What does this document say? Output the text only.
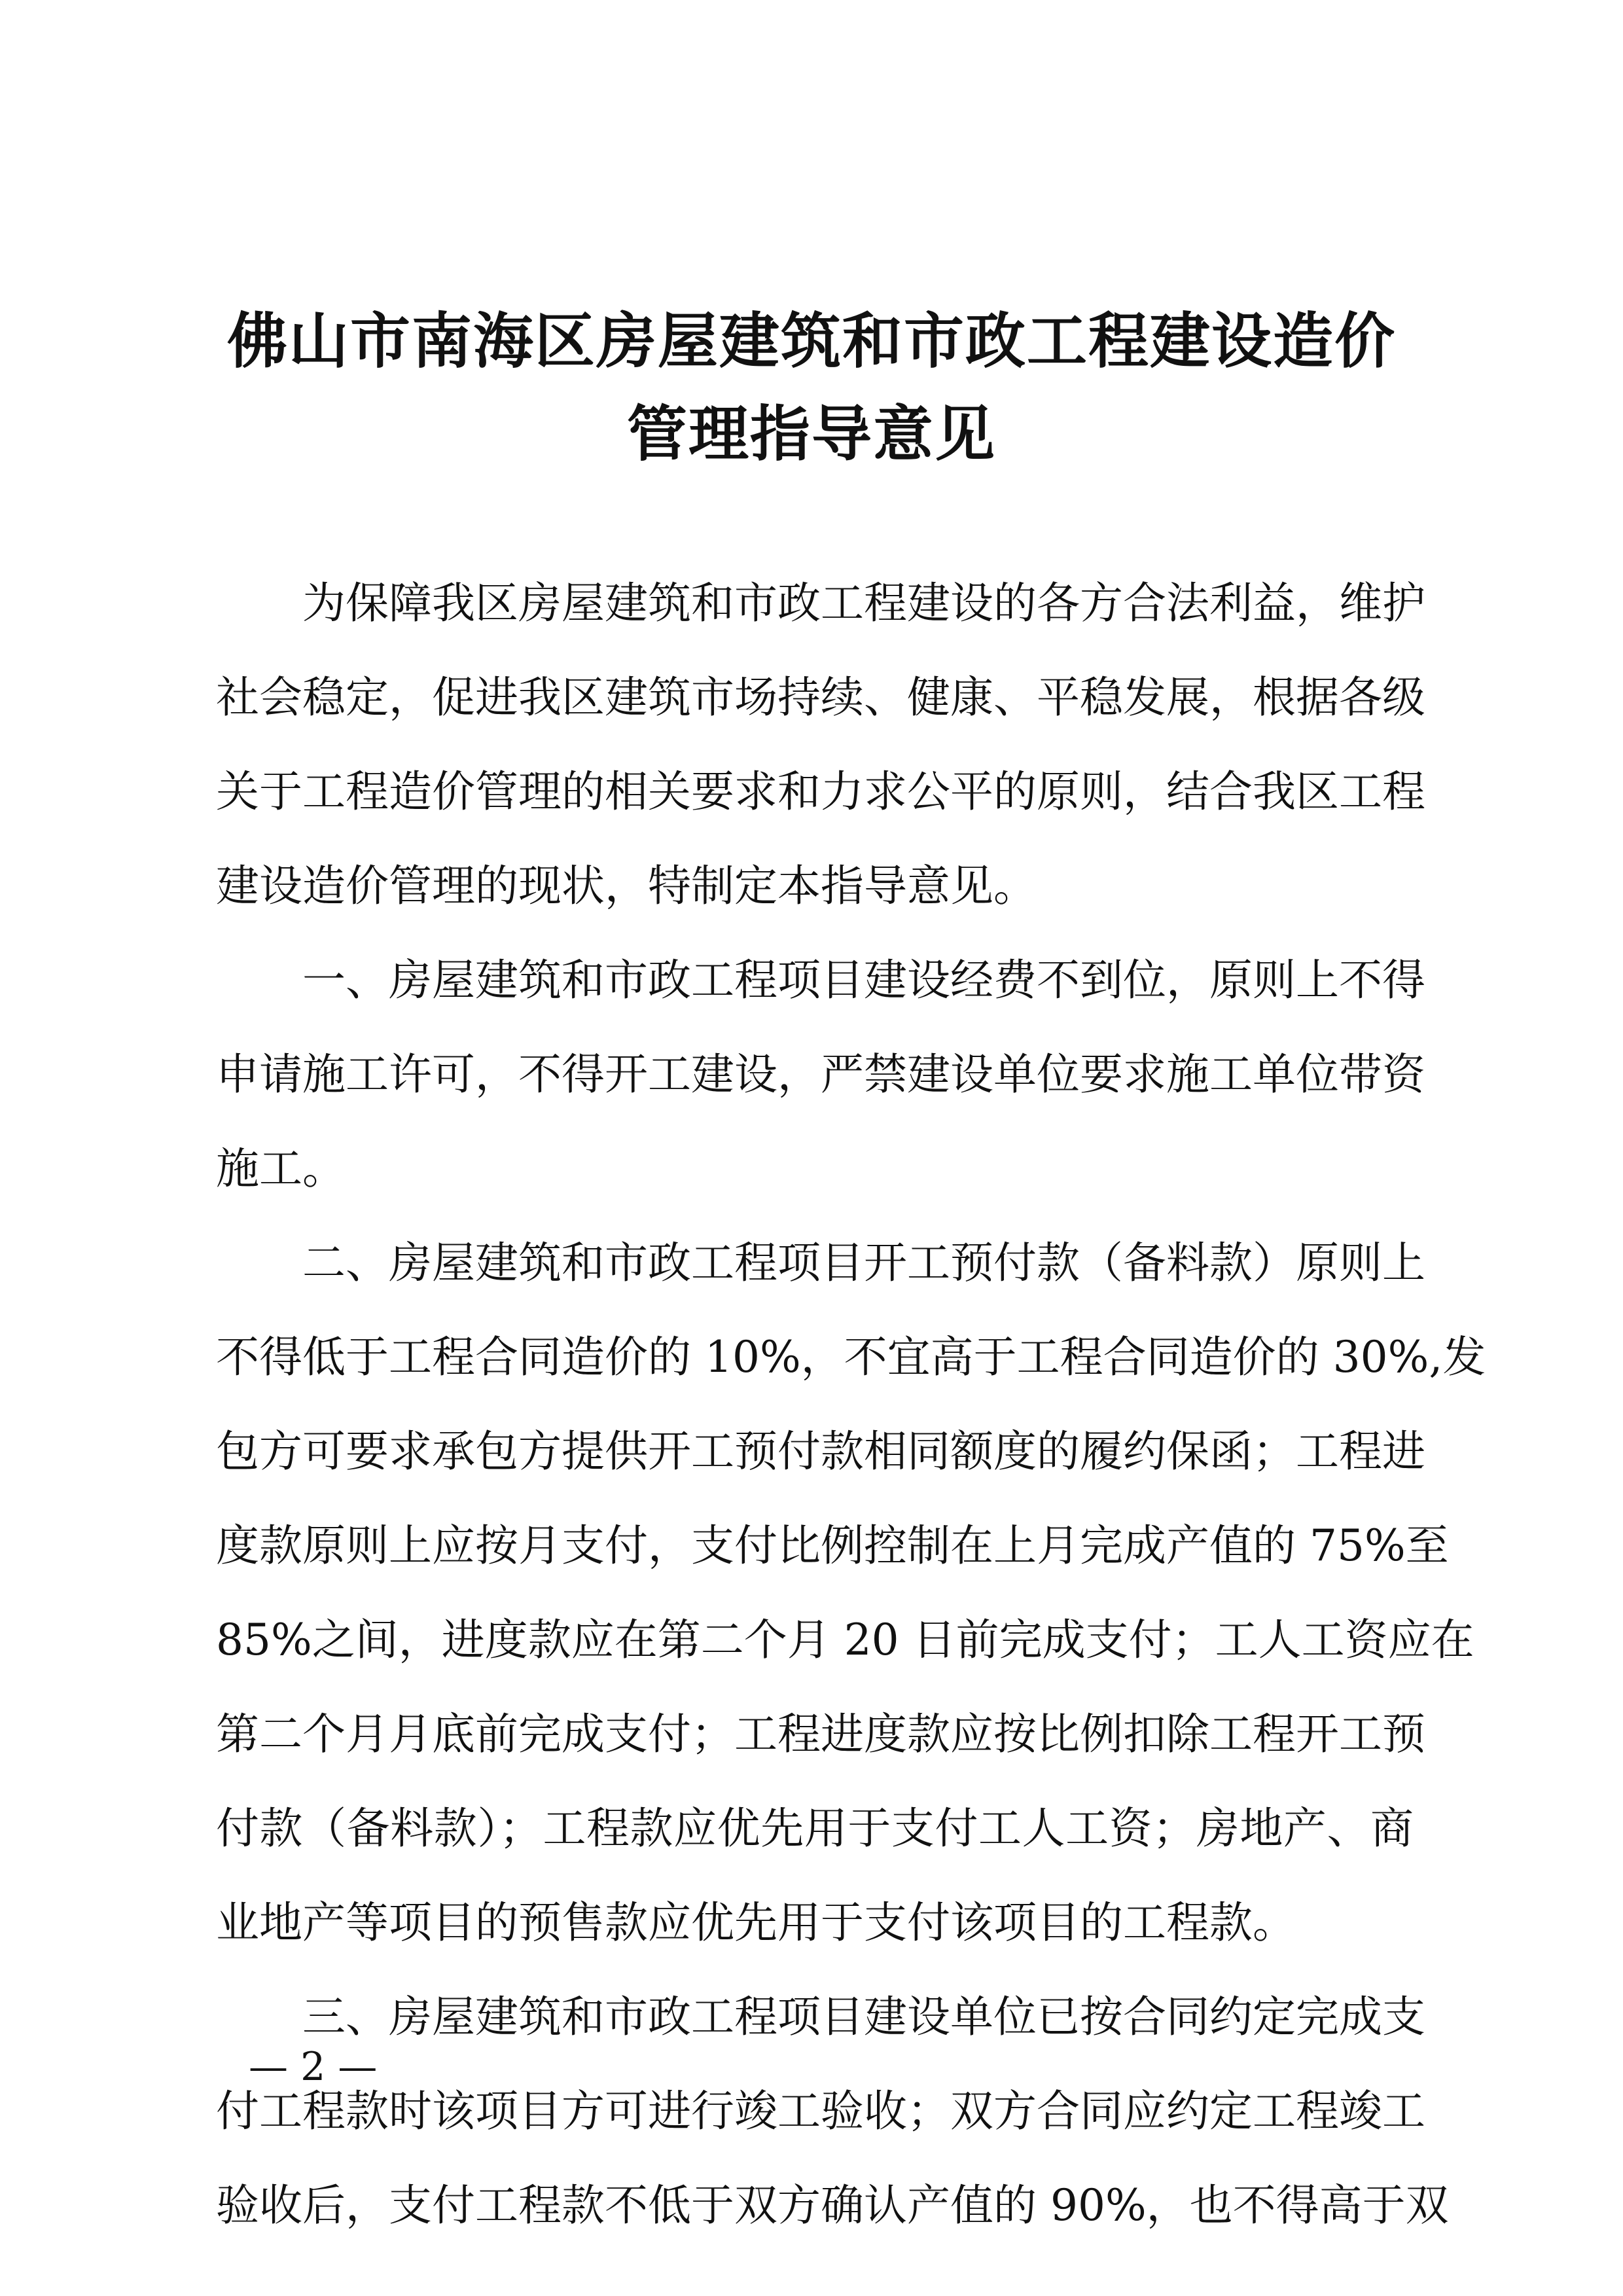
佛山市南海区房屋建筑和市政工程建设造价
管理指导意见

为保障我区房屋建筑和市政工程建设的各方合法利益，维护

社会稳定，促进我区建筑市场持续、健康、平稳发展，根据各级

关于工程造价管理的相关要求和力求公平的原则，结合我区工程

建设造价管理的现状，特制定本指导意见。

一、房屋建筑和市政工程项目建设经费不到位，原则上不得

申请施工许可，不得开工建设，严禁建设单位要求施工单位带资

施工。

二、房屋建筑和市政工程项目开工预付款（备料款）原则上

不得低于工程合同造价的 10%，不宜高于工程合同造价的 30%,发

包方可要求承包方提供开工预付款相同额度的履约保函；工程进

度款原则上应按月支付，支付比例控制在上月完成产值的 75%至

85%之间，进度款应在第二个月 20 日前完成支付；工人工资应在

第二个月月底前完成支付；工程进度款应按比例扣除工程开工预

付款（备料款）；工程款应优先用于支付工人工资；房地产、商

业地产等项目的预售款应优先用于支付该项目的工程款。

三、房屋建筑和市政工程项目建设单位已按合同约定完成支

付工程款时该项目方可进行竣工验收；双方合同应约定工程竣工

验收后，支付工程款不低于双方确认产值的 90%，也不得高于双

— 2 —
